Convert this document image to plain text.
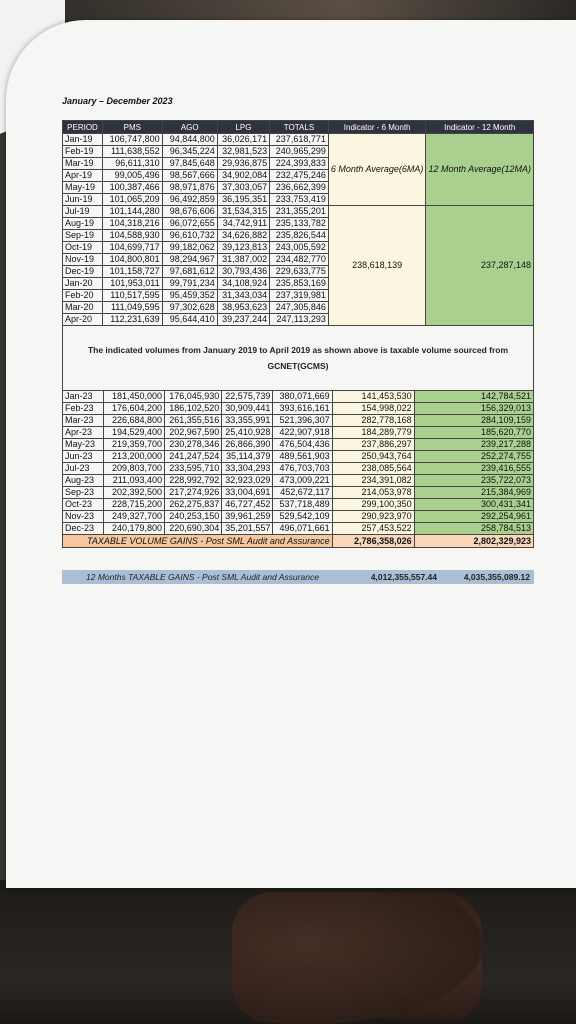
January – December 2023
PERIOD	PMS	AGO	LPG	TOTALS	Indicator - 6 Month	Indicator - 12 Month
Jan-19	106,747,800	94,844,800	36,026,171	237,618,771	6 Month Average(6MA)	12 Month Average(12MA)
Feb-19	111,638,552	96,345,224	32,981,523	240,965,299		
Mar-19	96,611,310	97,845,648	29,936,875	224,393,833		
Apr-19	99,005,496	98,567,666	34,902,084	232,475,246		
May-19	100,387,466	98,971,876	37,303,057	236,662,399		
Jun-19	101,065,209	96,492,859	36,195,351	233,753,419		
Jul-19	101,144,280	98,676,606	31,534,315	231,355,201	238,618,139	237,287,148
Aug-19	104,318,216	96,072,655	34,742,911	235,133,782		
Sep-19	104,588,930	96,610,732	34,626,882	235,826,544		
Oct-19	104,699,717	99,182,062	39,123,813	243,005,592		
Nov-19	104,800,801	98,294,967	31,387,002	234,482,770		
Dec-19	101,158,727	97,681,612	30,793,436	229,633,775		
Jan-20	101,953,011	99,791,234	34,108,924	235,853,169		
Feb-20	110,517,595	95,459,352	31,343,034	237,319,981		
Mar-20	111,049,595	97,302,628	38,953,623	247,305,846		
Apr-20	112,231,639	95,644,410	39,237,244	247,113,293		
The indicated volumes from January 2019 to April 2019 as shown above is taxable volume sourced from GCNET(GCMS)
Jan-23	181,450,000	176,045,930	22,575,739	380,071,669	141,453,530	142,784,521
Feb-23	176,604,200	186,102,520	30,909,441	393,616,161	154,998,022	156,329,013
Mar-23	226,684,800	261,355,516	33,355,991	521,396,307	282,778,168	284,109,159
Apr-23	194,529,400	202,967,590	25,410,928	422,907,918	184,289,779	185,620,770
May-23	219,359,700	230,278,346	26,866,390	476,504,436	237,886,297	239,217,288
Jun-23	213,200,000	241,247,524	35,114,379	489,561,903	250,943,764	252,274,755
Jul-23	209,803,700	233,595,710	33,304,293	476,703,703	238,085,564	239,416,555
Aug-23	211,093,400	228,992,792	32,923,029	473,009,221	234,391,082	235,722,073
Sep-23	202,392,500	217,274,926	33,004,691	452,672,117	214,053,978	215,384,969
Oct-23	228,715,200	262,275,837	46,727,452	537,718,489	299,100,350	300,431,341
Nov-23	249,327,700	240,253,150	39,961,259	529,542,109	290,923,970	292,254,961
Dec-23	240,179,800	220,690,304	35,201,557	496,071,661	257,453,522	258,784,513
TAXABLE VOLUME GAINS - Post SML Audit and Assurance					2,786,358,026	2,802,329,923
12 Months TAXABLE GAINS - Post SML Audit and Assurance	4,012,355,557.44	4,035,355,089.12
